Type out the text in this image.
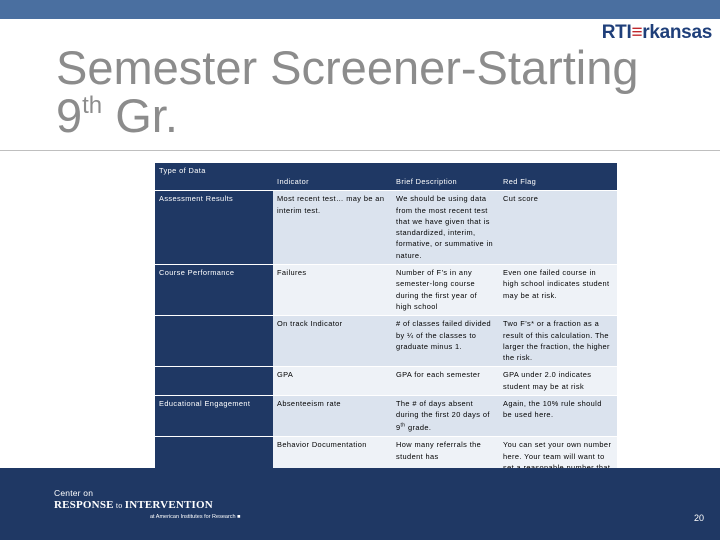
RTI≡rkansas
Semester Screener-Starting
9th Gr.
Type of Data	Indicator	Brief Description	Red Flag
Assessment Results	Most recent test… may be an interim test.	We should be using data from the most recent test that we have given that is standardized, interim, formative, or summative in nature.	Cut score
Course Performance	Failures	Number of F’s in any semester-long course during the first year of high school	Even one failed course in high school indicates student may be at risk.
	On track Indicator	# of classes failed divided by ¼ of the classes to graduate minus 1.	Two F’s* or a fraction as a result of this calculation. The larger the fraction, the higher the risk.
	GPA	GPA for each semester	GPA under 2.0 indicates student may be at risk
Educational Engagement	Absenteeism rate	The # of days absent during the first 20 days of 9th grade.	Again, the 10% rule should be used here.
	Behavior Documentation	How many referrals the student has	You can set your own number here. Your team will want to
Center on
RESPONSE to INTERVENTION
at American Institutes for Research ■	20
